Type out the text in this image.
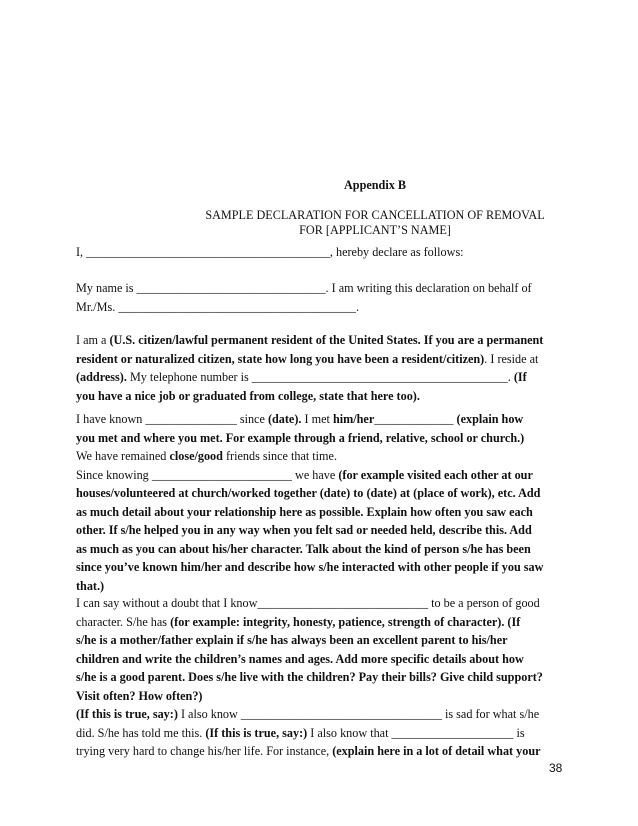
Appendix B
SAMPLE DECLARATION FOR CANCELLATION OF REMOVAL
FOR [APPLICANT’S NAME]
I, ________________________________________, hereby declare as follows:
My name is _______________________________. I am writing this declaration on behalf of
Mr./Ms. _______________________________________.
I am a (U.S. citizen/lawful permanent resident of the United States. If you are a permanent
resident or naturalized citizen, state how long you have been a resident/citizen). I reside at
(address). My telephone number is __________________________________________. (If
you have a nice job or graduated from college, state that here too).
I have known _______________ since (date). I met him/her_____________ (explain how
you met and where you met. For example through a friend, relative, school or church.)
We have remained close/good friends since that time.
Since knowing _______________________ we have (for example visited each other at our
houses/volunteered at church/worked together (date) to (date) at (place of work), etc. Add
as much detail about your relationship here as possible. Explain how often you saw each
other. If s/he helped you in any way when you felt sad or needed held, describe this. Add
as much as you can about his/her character. Talk about the kind of person s/he has been
since you’ve known him/her and describe how s/he interacted with other people if you saw
that.)
I can say without a doubt that I know____________________________ to be a person of good
character. S/he has (for example: integrity, honesty, patience, strength of character). (If
s/he is a mother/father explain if s/he has always been an excellent parent to his/her
children and write the children’s names and ages. Add more specific details about how
s/he is a good parent. Does s/he live with the children? Pay their bills? Give child support?
Visit often? How often?)
(If this is true, say:) I also know _________________________________ is sad for what s/he
did. S/he has told me this. (If this is true, say:) I also know that ____________________ is
trying very hard to change his/her life. For instance, (explain here in a lot of detail what your
38
